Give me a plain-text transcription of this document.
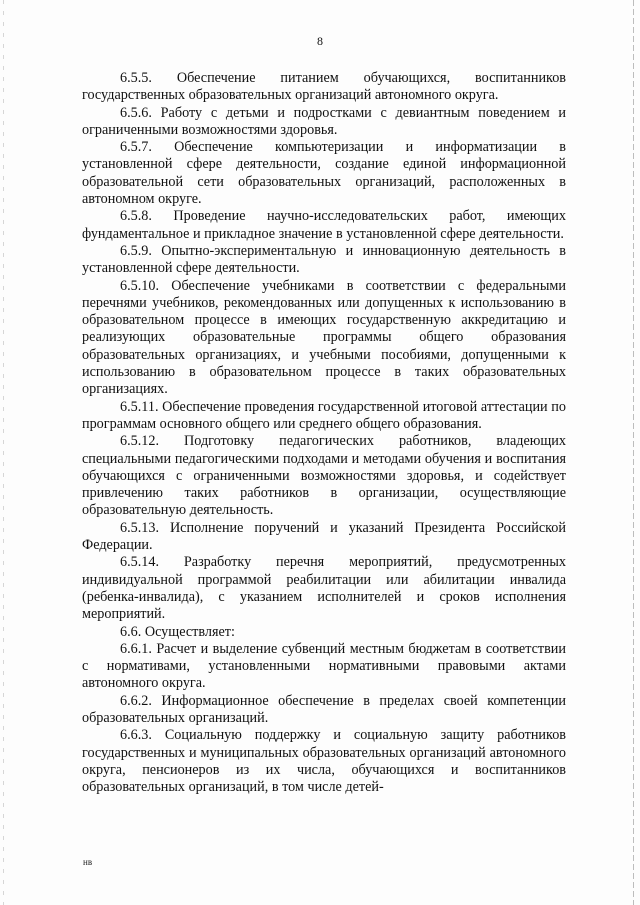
8

6.5.5. Обеспечение питанием обучающихся, воспитанников государственных образовательных организаций автономного округа.

6.5.6. Работу с детьми и подростками с девиантным поведением и ограниченными возможностями здоровья.

6.5.7. Обеспечение компьютеризации и информатизации в установленной сфере деятельности, создание единой информационной образовательной сети образовательных организаций, расположенных в автономном округе.

6.5.8. Проведение научно-исследовательских работ, имеющих фундаментальное и прикладное значение в установленной сфере деятельности.

6.5.9. Опытно-экспериментальную и инновационную деятельность в установленной сфере деятельности.

6.5.10. Обеспечение учебниками в соответствии с федеральными перечнями учебников, рекомендованных или допущенных к использованию в образовательном процессе в имеющих государственную аккредитацию и реализующих образовательные программы общего образования образовательных организациях, и учебными пособиями, допущенными к использованию в образовательном процессе в таких образовательных организациях.

6.5.11. Обеспечение проведения государственной итоговой аттестации по программам основного общего или среднего общего образования.

6.5.12. Подготовку педагогических работников, владеющих специальными педагогическими подходами и методами обучения и воспитания обучающихся с ограниченными возможностями здоровья, и содействует привлечению таких работников в организации, осуществляющие образовательную деятельность.

6.5.13. Исполнение поручений и указаний Президента Российской Федерации.

6.5.14. Разработку перечня мероприятий, предусмотренных индивидуальной программой реабилитации или абилитации инвалида (ребенка-инвалида), с указанием исполнителей и сроков исполнения мероприятий.

6.6. Осуществляет:

6.6.1. Расчет и выделение субвенций местным бюджетам в соответствии с нормативами, установленными нормативными правовыми актами автономного округа.

6.6.2. Информационное обеспечение в пределах своей компетенции образовательных организаций.

6.6.3. Социальную поддержку и социальную защиту работников государственных и муниципальных образовательных организаций автономного округа, пенсионеров из их числа, обучающихся и воспитанников образовательных организаций, в том числе детей-

нв
